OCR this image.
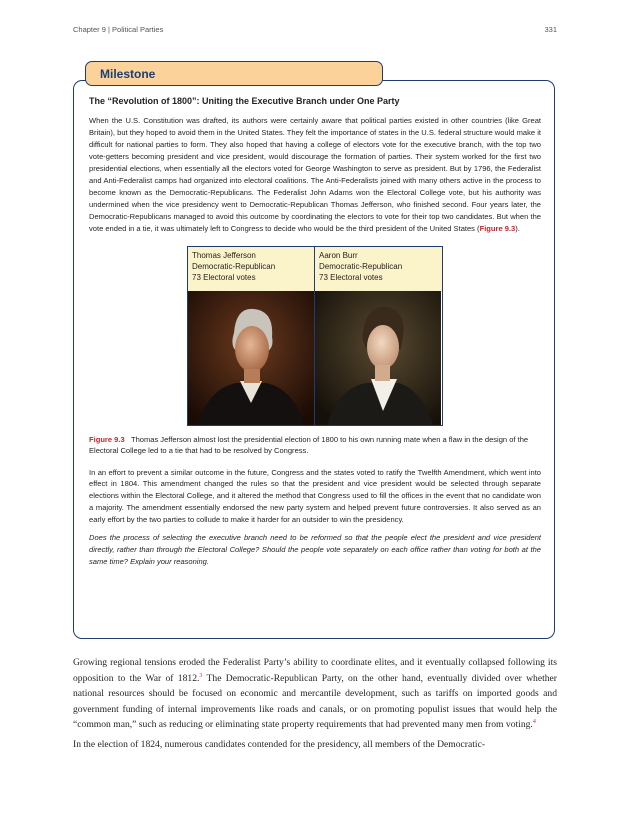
Chapter 9 | Political Parties	331
Milestone

The “Revolution of 1800”: Uniting the Executive Branch under One Party

When the U.S. Constitution was drafted, its authors were certainly aware that political parties existed in other countries (like Great Britain), but they hoped to avoid them in the United States. They felt the importance of states in the U.S. federal structure would make it difficult for national parties to form. They also hoped that having a college of electors vote for the executive branch, with the top two vote-getters becoming president and vice president, would discourage the formation of parties. Their system worked for the first two presidential elections, when essentially all the electors voted for George Washington to serve as president. But by 1796, the Federalist and Anti-Federalist camps had organized into electoral coalitions. The Anti-Federalists joined with many others active in the process to become known as the Democratic-Republicans. The Federalist John Adams won the Electoral College vote, but his authority was undermined when the vice presidency went to Democratic-Republican Thomas Jefferson, who finished second. Four years later, the Democratic-Republicans managed to avoid this outcome by coordinating the electors to vote for their top two candidates. But when the vote ended in a tie, it was ultimately left to Congress to decide who would be the third president of the United States (Figure 9.3).

Thomas Jefferson
Democratic-Republican
73 Electoral votes
Aaron Burr
Democratic-Republican
73 Electoral votes

Figure 9.3 Thomas Jefferson almost lost the presidential election of 1800 to his own running mate when a flaw in the design of the Electoral College led to a tie that had to be resolved by Congress.

In an effort to prevent a similar outcome in the future, Congress and the states voted to ratify the Twelfth Amendment, which went into effect in 1804. This amendment changed the rules so that the president and vice president would be selected through separate elections within the Electoral College, and it altered the method that Congress used to fill the offices in the event that no candidate won a majority. The amendment essentially endorsed the new party system and helped prevent future controversies. It also served as an early effort by the two parties to collude to make it harder for an outsider to win the presidency.

Does the process of selecting the executive branch need to be reformed so that the people elect the president and vice president directly, rather than through the Electoral College? Should the people vote separately on each office rather than voting for both at the same time? Explain your reasoning.

Growing regional tensions eroded the Federalist Party’s ability to coordinate elites, and it eventually collapsed following its opposition to the War of 1812.$^3$ The Democratic-Republican Party, on the other hand, eventually divided over whether national resources should be focused on economic and mercantile development, such as tariffs on imported goods and government funding of internal improvements like roads and canals, or on promoting populist issues that would help the “common man,” such as reducing or eliminating state property requirements that had prevented many men from voting.$^4$

In the election of 1824, numerous candidates contended for the presidency, all members of the Democratic-
